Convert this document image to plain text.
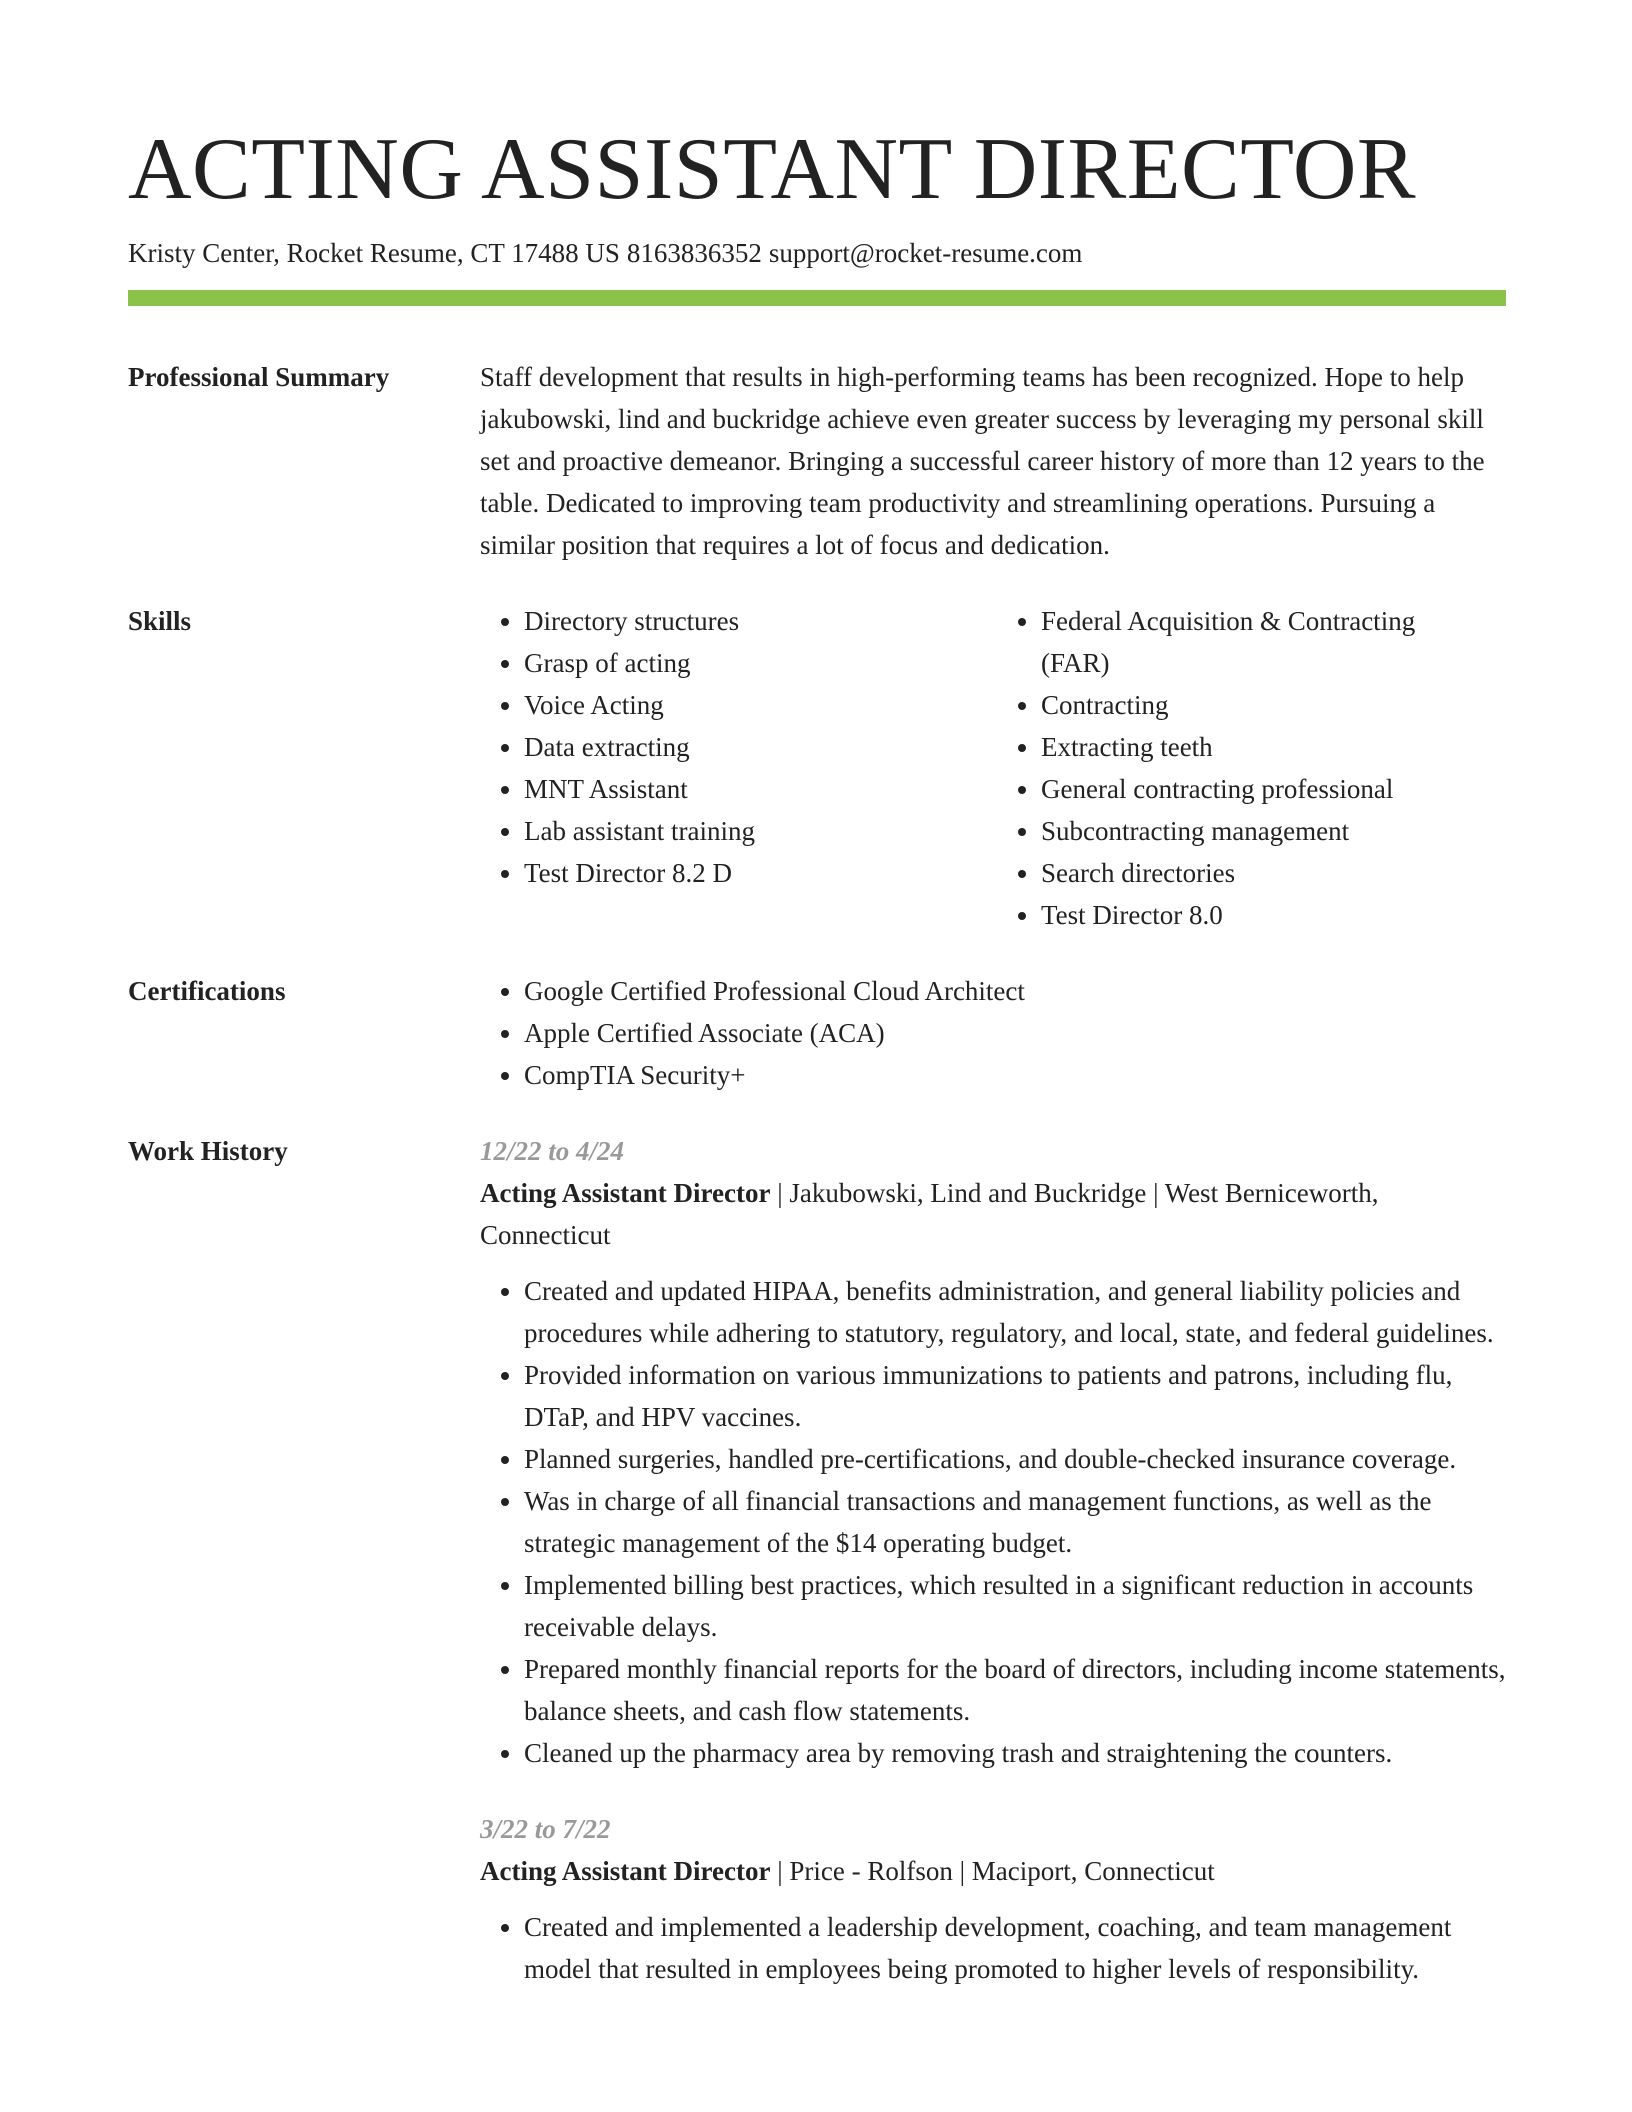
ACTING ASSISTANT DIRECTOR
Kristy Center, Rocket Resume, CT 17488 US 8163836352 support@rocket-resume.com
Professional Summary	Staff development that results in high-performing teams has been recognized. Hope to help jakubowski, lind and buckridge achieve even greater success by leveraging my personal skill set and proactive demeanor. Bringing a successful career history of more than 12 years to the table. Dedicated to improving team productivity and streamlining operations. Pursuing a similar position that requires a lot of focus and dedication.

Skills	• Directory structures
• Grasp of acting
• Voice Acting
• Data extracting
• MNT Assistant
• Lab assistant training
• Test Director 8.2 D
• Federal Acquisition & Contracting (FAR)
• Contracting
• Extracting teeth
• General contracting professional
• Subcontracting management
• Search directories
• Test Director 8.0
Certifications	• Google Certified Professional Cloud Architect
• Apple Certified Associate (ACA)
• CompTIA Security+
Work History	12/22 to 4/24
Acting Assistant Director | Jakubowski, Lind and Buckridge | West Berniceworth, Connecticut
• Created and updated HIPAA, benefits administration, and general liability policies and procedures while adhering to statutory, regulatory, and local, state, and federal guidelines.
• Provided information on various immunizations to patients and patrons, including flu, DTaP, and HPV vaccines.
• Planned surgeries, handled pre-certifications, and double-checked insurance coverage.
• Was in charge of all financial transactions and management functions, as well as the strategic management of the $14 operating budget.
• Implemented billing best practices, which resulted in a significant reduction in accounts receivable delays.
• Prepared monthly financial reports for the board of directors, including income statements, balance sheets, and cash flow statements.
• Cleaned up the pharmacy area by removing trash and straightening the counters.
3/22 to 7/22
Acting Assistant Director | Price - Rolfson | Maciport, Connecticut
• Created and implemented a leadership development, coaching, and team management model that resulted in employees being promoted to higher levels of responsibility.
